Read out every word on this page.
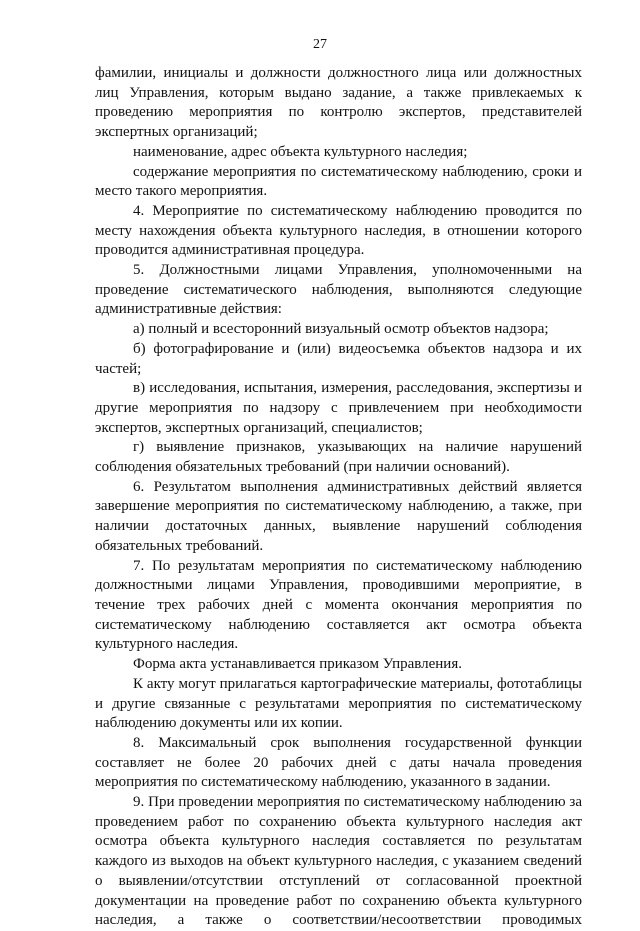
27

фамилии, инициалы и должности должностного лица или должностных лиц Управления, которым выдано задание, а также привлекаемых к проведению мероприятия по контролю экспертов, представителей экспертных организаций;

наименование, адрес объекта культурного наследия;

содержание мероприятия по систематическому наблюдению, сроки и место такого мероприятия.

4. Мероприятие по систематическому наблюдению проводится по месту нахождения объекта культурного наследия, в отношении которого проводится административная процедура.

5. Должностными лицами Управления, уполномоченными на проведение систематического наблюдения, выполняются следующие административные действия:

а) полный и всесторонний визуальный осмотр объектов надзора;

б) фотографирование и (или) видеосъемка объектов надзора и их частей;

в) исследования, испытания, измерения, расследования, экспертизы и другие мероприятия по надзору с привлечением при необходимости экспертов, экспертных организаций, специалистов;

г) выявление признаков, указывающих на наличие нарушений соблюдения обязательных требований (при наличии оснований).

6. Результатом выполнения административных действий является завершение мероприятия по систематическому наблюдению, а также, при наличии достаточных данных, выявление нарушений соблюдения обязательных требований.

7. По результатам мероприятия по систематическому наблюдению должностными лицами Управления, проводившими мероприятие, в течение трех рабочих дней с момента окончания мероприятия по систематическому наблюдению составляется акт осмотра объекта культурного наследия.

Форма акта устанавливается приказом Управления.

К акту могут прилагаться картографические материалы, фототаблицы и другие связанные с результатами мероприятия по систематическому наблюдению документы или их копии.

8. Максимальный срок выполнения государственной функции составляет не более 20 рабочих дней с даты начала проведения мероприятия по систематическому наблюдению, указанного в задании.

9. При проведении мероприятия по систематическому наблюдению за проведением работ по сохранению объекта культурного наследия акт осмотра объекта культурного наследия составляется по результатам каждого из выходов на объект культурного наследия, с указанием сведений о выявлении/отсутствии отступлений от согласованной проектной документации на проведение работ по сохранению объекта культурного наследия, а также о соответствии/несоответствии проводимых
